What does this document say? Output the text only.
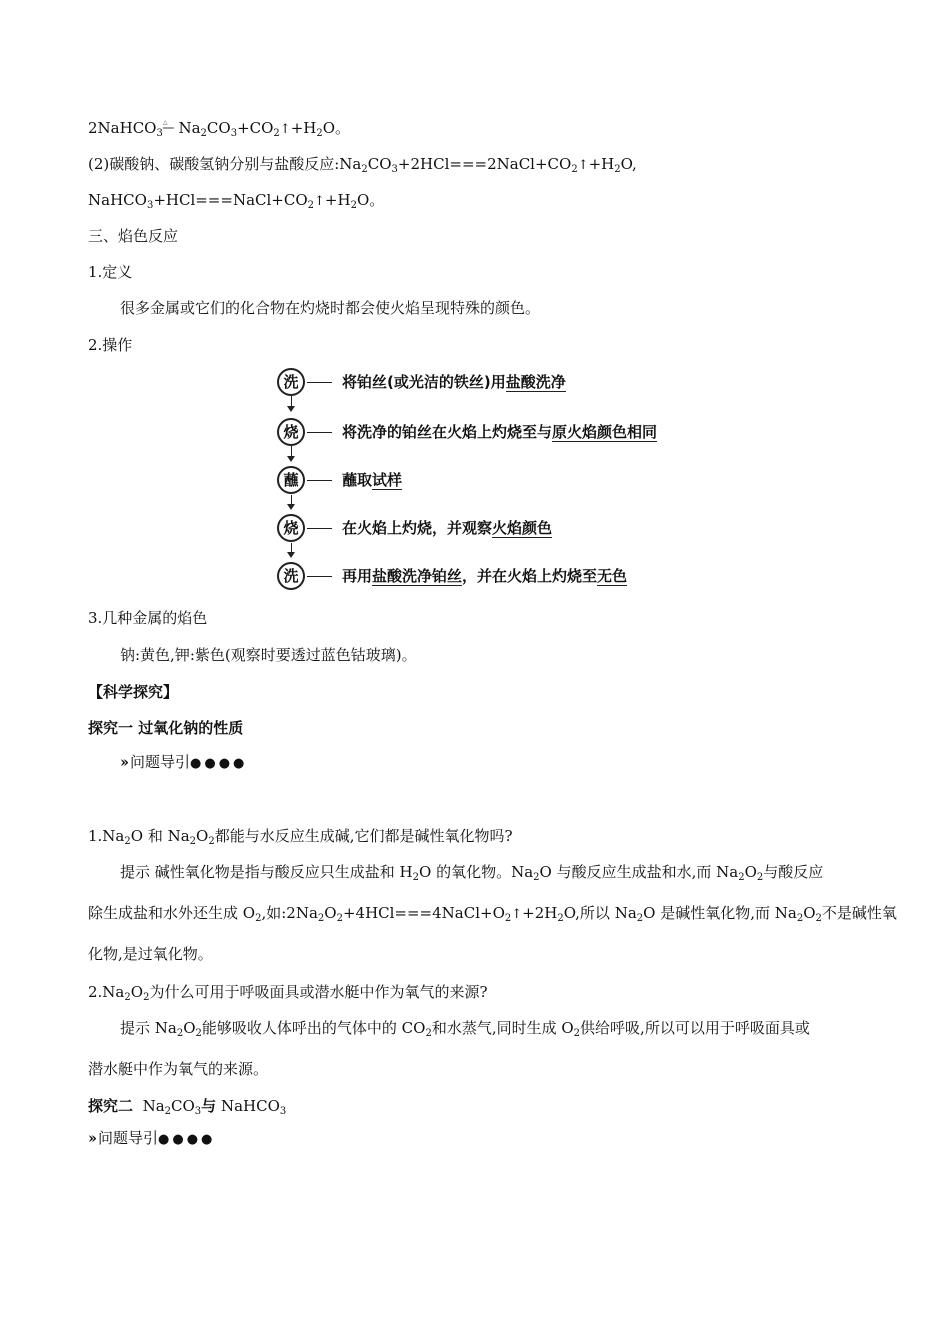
2NaHCO$_3$△
═══ $Na_2CO_3+CO_2↑+H_2O$。
(2)碳酸钠、碳酸氢钠分别与盐酸反应$:Na_2CO_3+2HCl===2NaCl+CO_2↑+H_2O$,
$NaHCO_3+HCl===NaCl+CO_2↑+H_2O$。
三、焰色反应
1.定义
很多金属或它们的化合物在灼烧时都会使火焰呈现特殊的颜色。
2.操作
洗	将铂丝(或光洁的铁丝)用盐酸洗净
烧	将洗净的铂丝在火焰上灼烧至与原火焰颜色相同
蘸	蘸取试样
烧	在火焰上灼烧，并观察火焰颜色
洗	再用盐酸洗净铂丝，并在火焰上灼烧至无色
3.几种金属的焰色
钠:黄色,钾:紫色(观察时要透过蓝色钴玻璃)。
【科学探究】
探究一 过氧化钠的性质
›› 问题导引●●●●
$1.Na_2O$ 和 $Na_2O_2$都能与水反应生成碱,它们都是碱性氧化物吗?
提示 碱性氧化物是指与酸反应只生成盐和 $H_2O$ 的氧化物。$Na_2O$ 与酸反应生成盐和水,而 $Na_2O_2$与酸反应
除生成盐和水外还生成 $O_2$,如$:2Na_2O_2+4HCl===4NaCl+O_2↑+2H_2O$,所以 $Na_2O$ 是碱性氧化物,而 $Na_2O_2$不是碱性氧
化物,是过氧化物。
$2.Na_2O_2$为什么可用于呼吸面具或潜水艇中作为氧气的来源?
提示 $Na_2O_2$能够吸收人体呼出的气体中的 $CO_2$和水蒸气,同时生成 $O_2$供给呼吸,所以可以用于呼吸面具或
潜水艇中作为氧气的来源。
探究二 $Na_2CO_3$与 NaHCO$_3$
›› 问题导引●●●●
